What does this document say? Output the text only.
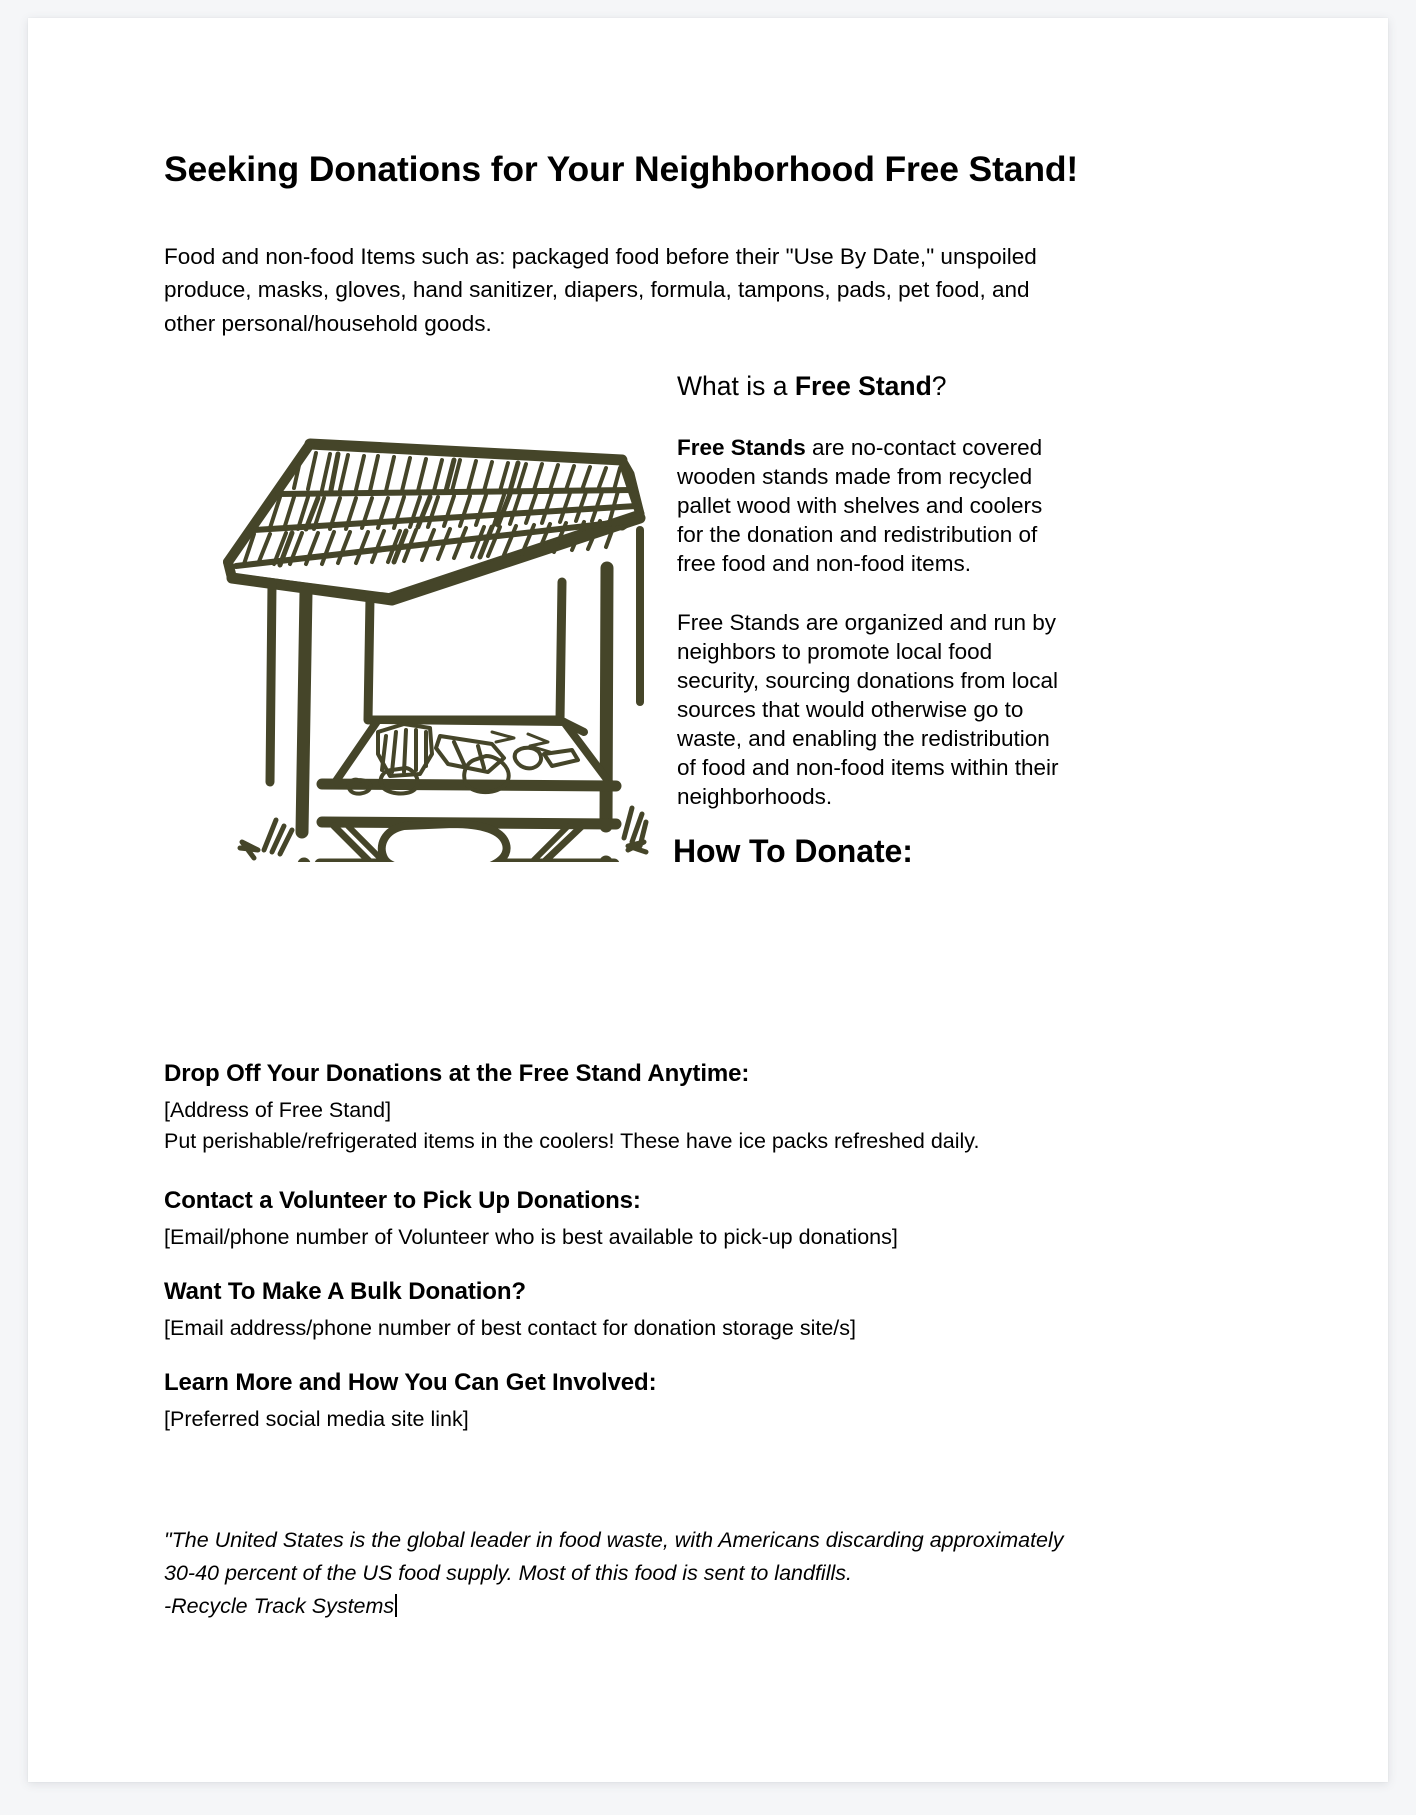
Seeking Donations for Your Neighborhood Free Stand!

Food and non-food Items such as: packaged food before their "Use By Date," unspoiled produce, masks, gloves, hand sanitizer, diapers, formula, tampons, pads, pet food, and other personal/household goods.

What is a Free Stand?

Free Stands are no-contact covered wooden stands made from recycled pallet wood with shelves and coolers for the donation and redistribution of free food and non-food items.

Free Stands are organized and run by neighbors to promote local food security, sourcing donations from local sources that would otherwise go to waste, and enabling the redistribution of food and non-food items within their neighborhoods.

How To Donate:
Drop Off Your Donations at the Free Stand Anytime:

[Address of Free Stand]

Put perishable/refrigerated items in the coolers! These have ice packs refreshed daily.

Contact a Volunteer to Pick Up Donations:

[Email/phone number of Volunteer who is best available to pick-up donations]

Want To Make A Bulk Donation?

[Email address/phone number of best contact for donation storage site/s]

Learn More and How You Can Get Involved:

[Preferred social media site link]

"The United States is the global leader in food waste, with Americans discarding approximately
30-40 percent of the US food supply. Most of this food is sent to landfills.
-Recycle Track Systems
